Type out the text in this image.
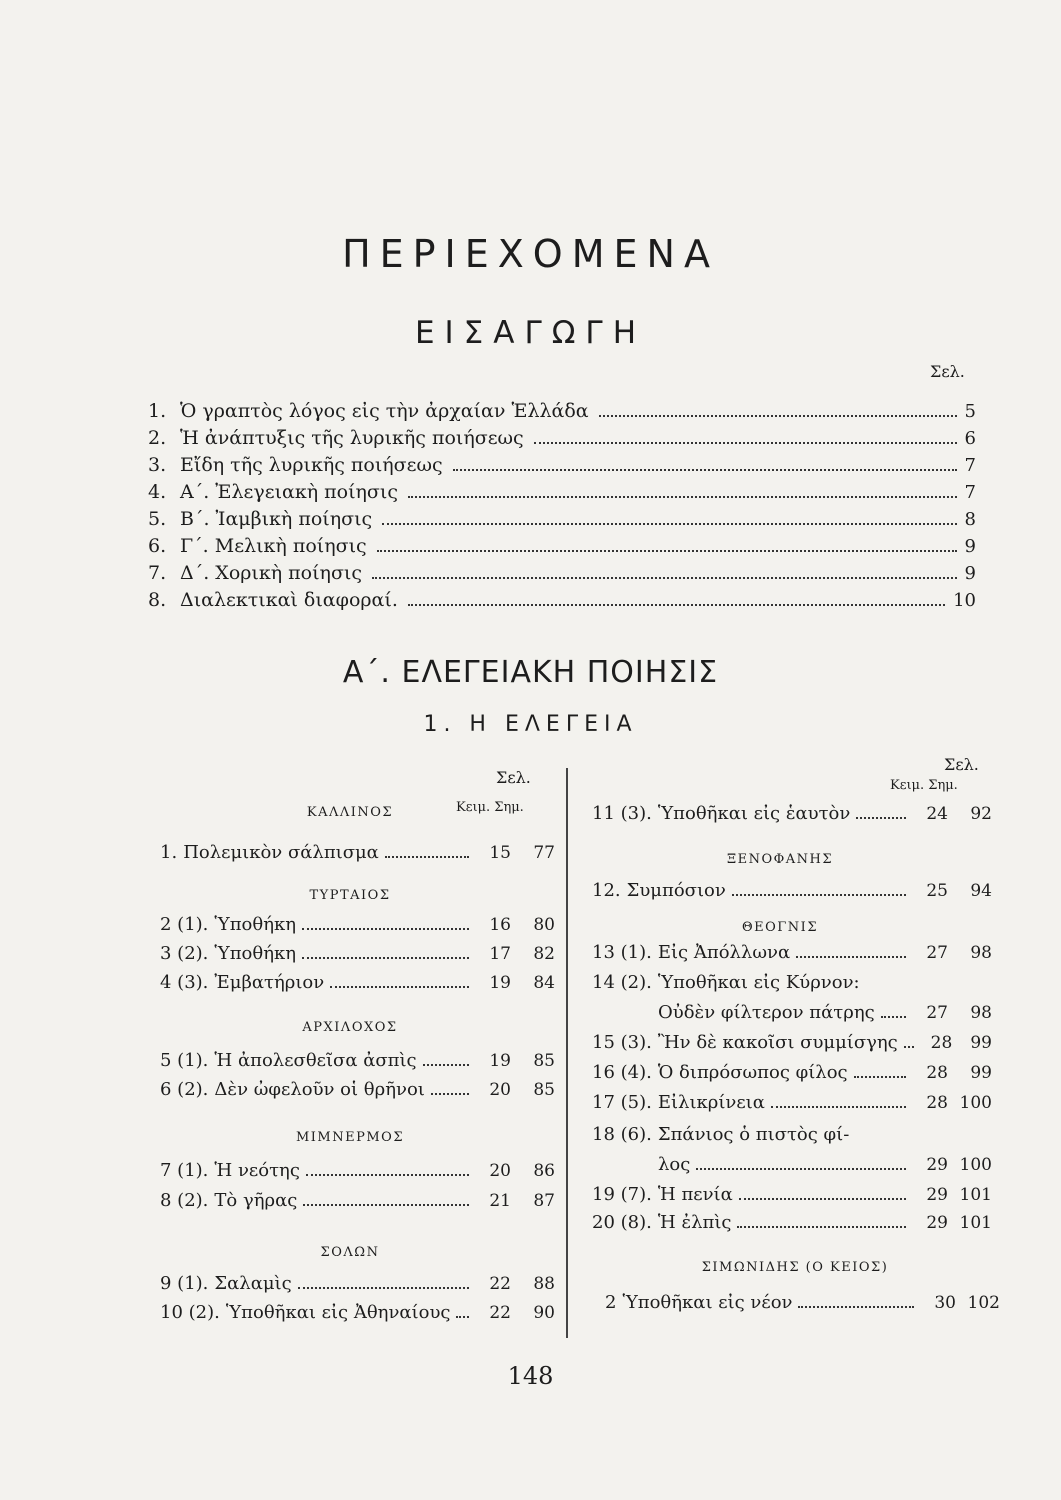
ΠΕΡΙΕΧΟΜΕΝΑ
ΕΙΣΑΓΩΓΗ
Σελ.
1. Ὁ γραπτὸς λόγος εἰς τὴν ἀρχαίαν Ἑλλάδα	5
2. Ἡ ἀνάπτυξις τῆς λυρικῆς ποιήσεως	6
3. Εἴδη τῆς λυρικῆς ποιήσεως	7
4. Α΄. Ἐλεγειακὴ ποίησις	7
5. Β΄. Ἰαμβικὴ ποίησις	8
6. Γ΄. Μελικὴ ποίησις	9
7. Δ΄. Χορικὴ ποίησις	9
8. Διαλεκτικαὶ διαφοραί.	10
Α΄. ΕΛΕΓΕΙΑΚΗ ΠΟΙΗΣΙΣ
1. Η ΕΛΕΓΕΙΑ
Σελ.
Κειμ. Σημ.
ΚΑΛΛΙΝΟΣ
1. Πολεμικὸν σάλπισμα	15	77
ΤΥΡΤΑΙΟΣ
2 (1). Ὑποθήκη	16	80
3 (2). Ὑποθήκη	17	82
4 (3). Ἐμβατήριον	19	84
ΑΡΧΙΛΟΧΟΣ
5 (1). Ἡ ἀπολεσθεῖσα ἀσπὶς	19	85
6 (2). Δὲν ὠφελοῦν οἱ θρῆνοι	20	85
ΜΙΜΝΕΡΜΟΣ
7 (1). Ἡ νεότης	20	86
8 (2). Τὸ γῆρας	21	87
ΣΟΛΩΝ
9 (1). Σαλαμὶς	22	88
10 (2). Ὑποθῆκαι εἰς Ἀθηναίους	22	90
Σελ.
Κειμ. Σημ.
11 (3). Ὑποθῆκαι εἰς ἑαυτὸν	24	92
ΞΕΝΟΦΑΝΗΣ
12. Συμπόσιον	25	94
ΘΕΟΓΝΙΣ
13 (1). Εἰς Ἀπόλλωνα	27	98
14 (2). Ὑποθῆκαι εἰς Κύρνον:
Οὐδὲν φίλτερον πάτρης	27	98
15 (3). Ἢν δὲ κακοῖσι συμμίσγης	28	99
16 (4). Ὁ διπρόσωπος φίλος	28	99
17 (5). Εἰλικρίνεια	28 100
18 (6). Σπάνιος ὁ πιστὸς φί-
λος	29 100
19 (7). Ἡ πενία	29 101
20 (8). Ἡ ἐλπὶς	29 101
ΣΙΜΩΝΙΔΗΣ (Ο ΚΕΙΟΣ)
2 Ὑποθῆκαι εἰς νέον	30 102
148
